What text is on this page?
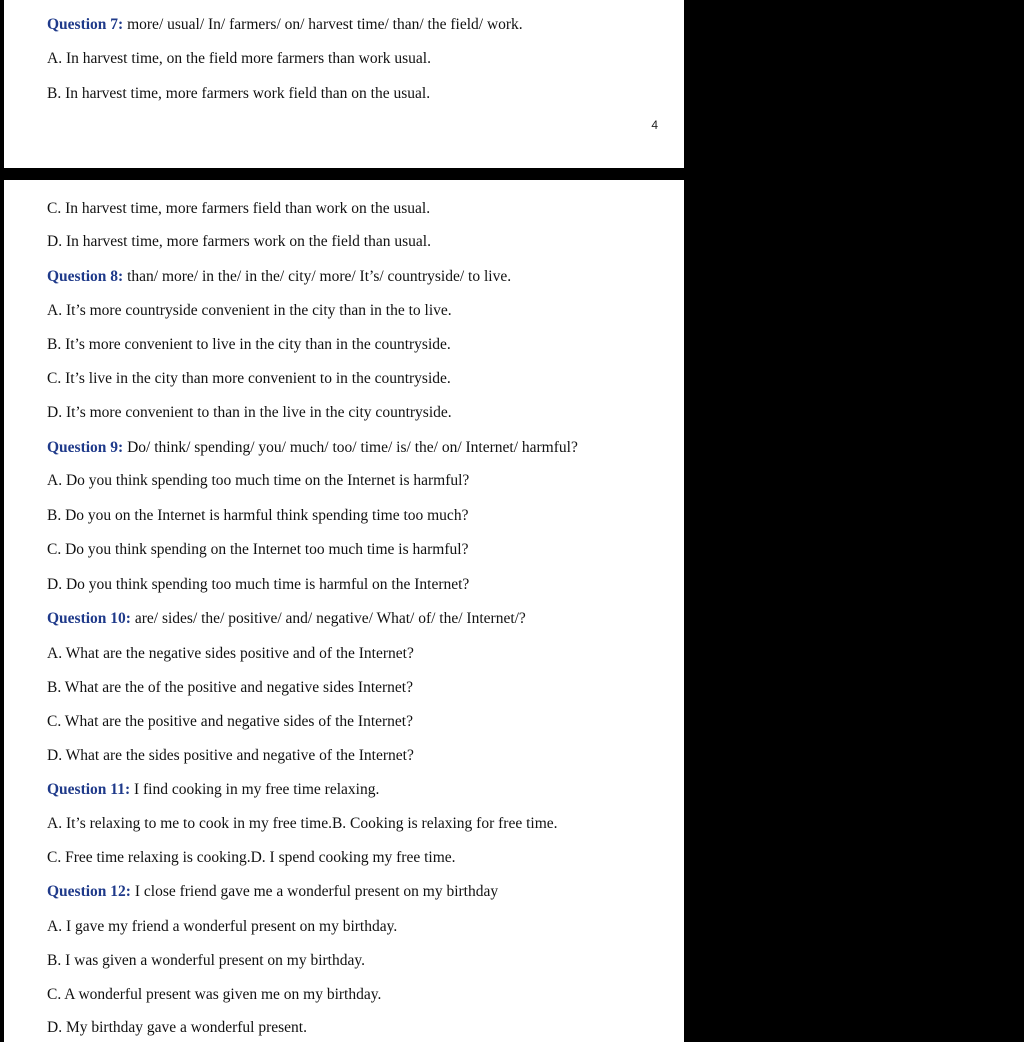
Question 7: more/ usual/ In/ farmers/ on/ harvest time/ than/ the field/ work.
A. In harvest time, on the field more farmers than work usual.
B. In harvest time, more farmers work field than on the usual.
4
C. In harvest time, more farmers field than work on the usual.
D. In harvest time, more farmers work on the field than usual.
Question 8: than/ more/ in the/ in the/ city/ more/ It’s/ countryside/ to live.
A. It’s more countryside convenient in the city than in the to live.
B. It’s more convenient to live in the city than in the countryside.
C. It’s live in the city than more convenient to in the countryside.
D. It’s more convenient to than in the live in the city countryside.
Question 9: Do/ think/ spending/ you/ much/ too/ time/ is/ the/ on/ Internet/ harmful?
A. Do you think spending too much time on the Internet is harmful?
B. Do you on the Internet is harmful think spending time too much?
C. Do you think spending on the Internet too much time is harmful?
D. Do you think spending too much time is harmful on the Internet?
Question 10: are/ sides/ the/ positive/ and/ negative/ What/ of/ the/ Internet/?
A. What are the negative sides positive and of the Internet?
B. What are the of the positive and negative sides Internet?
C. What are the positive and negative sides of the Internet?
D. What are the sides positive and negative of the Internet?
Question 11: I find cooking in my free time relaxing.
A. It’s relaxing to me to cook in my free time.B. Cooking is relaxing for free time.
C. Free time relaxing is cooking.D. I spend cooking my free time.
Question 12: I close friend gave me a wonderful present on my birthday
A. I gave my friend a wonderful present on my birthday.
B. I was given a wonderful present on my birthday.
C. A wonderful present was given me on my birthday.
D. My birthday gave a wonderful present.
